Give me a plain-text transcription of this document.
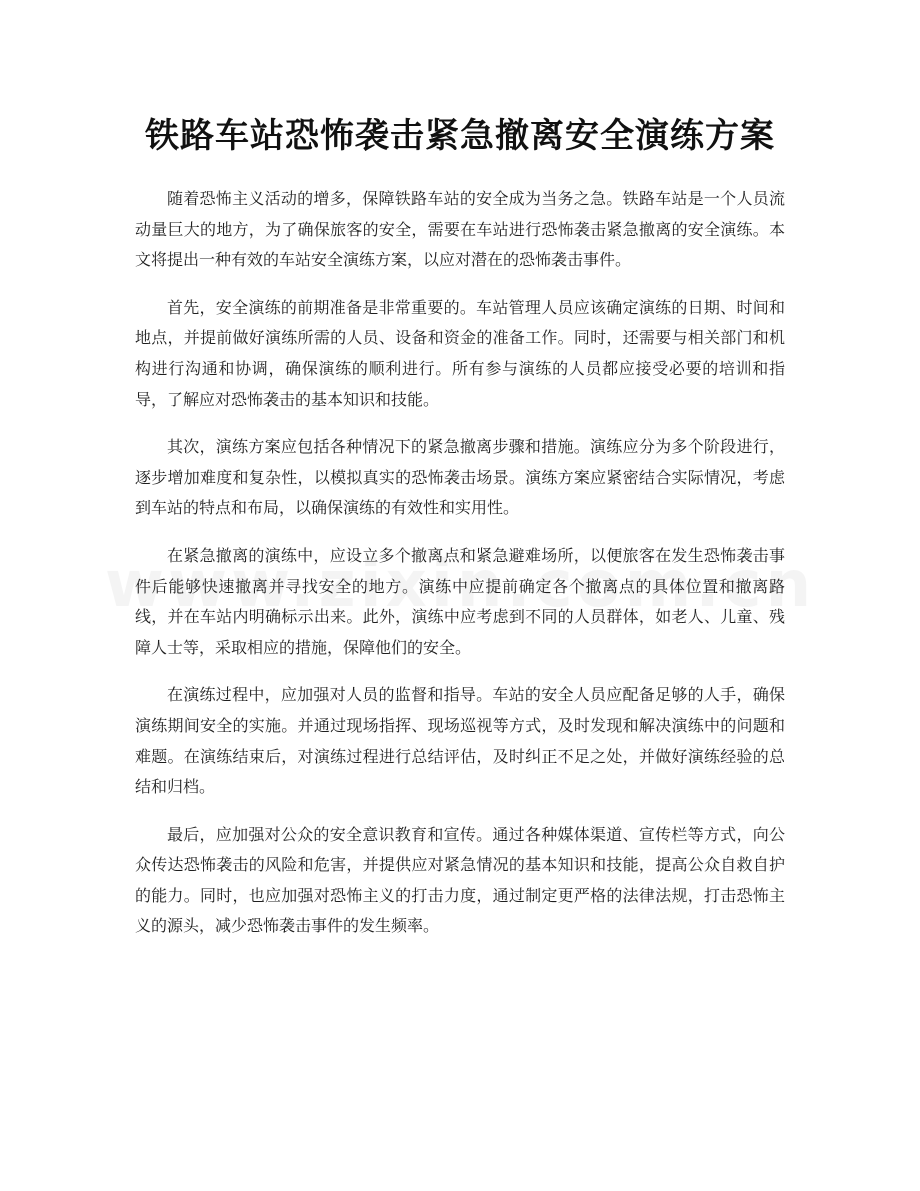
铁路车站恐怖袭击紧急撤离安全演练方案

随着恐怖主义活动的增多，保障铁路车站的安全成为当务之急。铁路车站是一个人员流动量巨大的地方，为了确保旅客的安全，需要在车站进行恐怖袭击紧急撤离的安全演练。本文将提出一种有效的车站安全演练方案，以应对潜在的恐怖袭击事件。

首先，安全演练的前期准备是非常重要的。车站管理人员应该确定演练的日期、时间和地点，并提前做好演练所需的人员、设备和资金的准备工作。同时，还需要与相关部门和机构进行沟通和协调，确保演练的顺利进行。所有参与演练的人员都应接受必要的培训和指导，了解应对恐怖袭击的基本知识和技能。

其次，演练方案应包括各种情况下的紧急撤离步骤和措施。演练应分为多个阶段进行，逐步增加难度和复杂性，以模拟真实的恐怖袭击场景。演练方案应紧密结合实际情况，考虑到车站的特点和布局，以确保演练的有效性和实用性。

在紧急撤离的演练中，应设立多个撤离点和紧急避难场所，以便旅客在发生恐怖袭击事件后能够快速撤离并寻找安全的地方。演练中应提前确定各个撤离点的具体位置和撤离路线，并在车站内明确标示出来。此外，演练中应考虑到不同的人员群体，如老人、儿童、残障人士等，采取相应的措施，保障他们的安全。

在演练过程中，应加强对人员的监督和指导。车站的安全人员应配备足够的人手，确保演练期间安全的实施。并通过现场指挥、现场巡视等方式，及时发现和解决演练中的问题和难题。在演练结束后，对演练过程进行总结评估，及时纠正不足之处，并做好演练经验的总结和归档。

最后，应加强对公众的安全意识教育和宣传。通过各种媒体渠道、宣传栏等方式，向公众传达恐怖袭击的风险和危害，并提供应对紧急情况的基本知识和技能，提高公众自救自护的能力。同时，也应加强对恐怖主义的打击力度，通过制定更严格的法律法规，打击恐怖主义的源头，减少恐怖袭击事件的发生频率。
